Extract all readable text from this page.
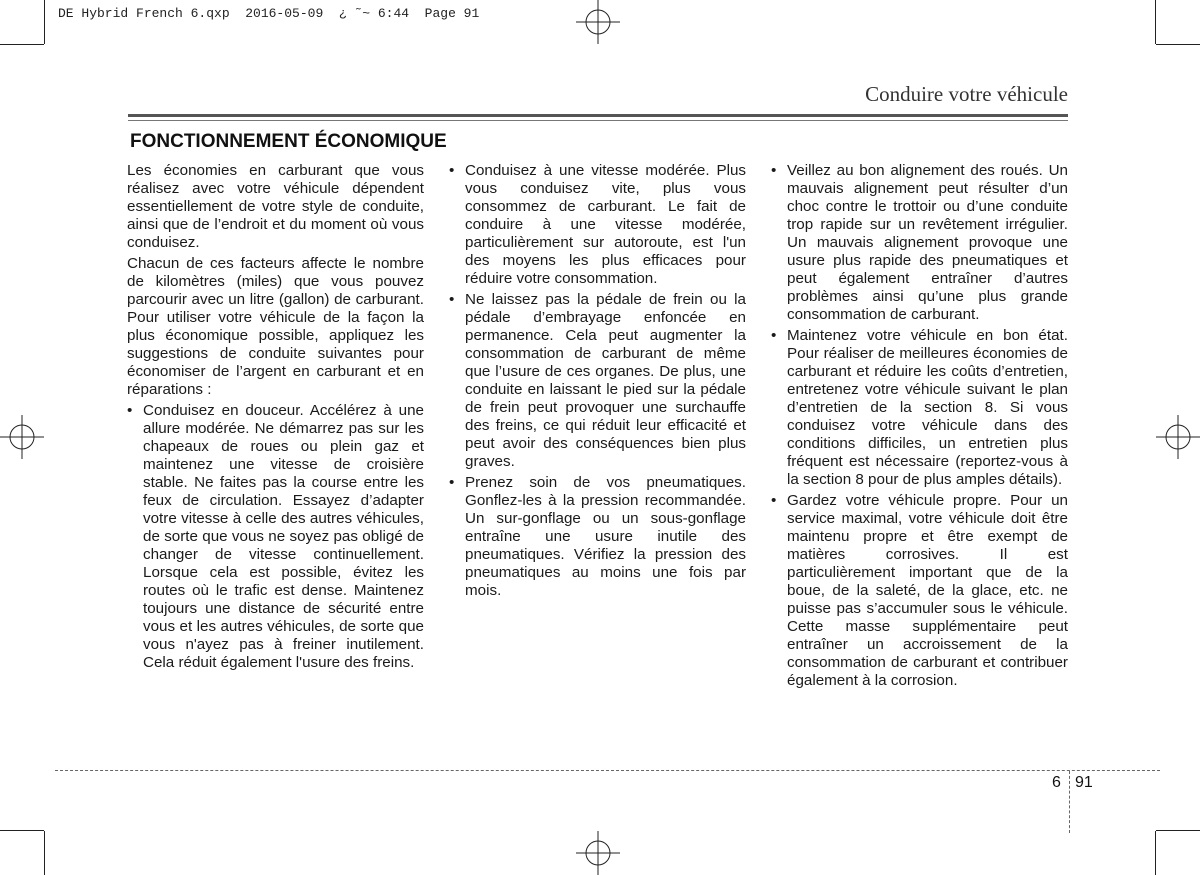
DE Hybrid French 6.qxp  2016-05-09  ¿ ˜~ 6:44  Page 91
Conduire votre véhicule
FONCTIONNEMENT ÉCONOMIQUE

Les économies en carburant que vous réalisez avec votre véhicule dépendent essentiellement de votre style de conduite, ainsi que de l’endroit et du moment où vous conduisez.

Chacun de ces facteurs affecte le nombre de kilomètres (miles) que vous pouvez parcourir avec un litre (gallon) de carburant. Pour utiliser votre véhicule de la façon la plus économique possible, appliquez les suggestions de conduite suivantes pour économiser de l’argent en carburant et en réparations :

• Conduisez en douceur. Accélérez à une allure modérée. Ne démarrez pas sur les chapeaux de roues ou plein gaz et maintenez une vitesse de croisière stable. Ne faites pas la course entre les feux de circulation. Essayez d’adapter votre vitesse à celle des autres véhicules, de sorte que vous ne soyez pas obligé de changer de vitesse continuellement. Lorsque cela est possible, évitez les routes où le trafic est dense. Maintenez toujours une distance de sécurité entre vous et les autres véhicules, de sorte que vous n'ayez pas à freiner inutilement. Cela réduit également l'usure des freins.
• Conduisez à une vitesse modérée. Plus vous conduisez vite, plus vous consommez de carburant. Le fait de conduire à une vitesse modérée, particulièrement sur autoroute, est l'un des moyens les plus efficaces pour réduire votre consommation.
• Ne laissez pas la pédale de frein ou la pédale d’embrayage enfoncée en permanence. Cela peut augmenter la consommation de carburant de même que l’usure de ces organes. De plus, une conduite en laissant le pied sur la pédale de frein peut provoquer une surchauffe des freins, ce qui réduit leur efficacité et peut avoir des conséquences bien plus graves.
• Prenez soin de vos pneumatiques. Gonflez-les à la pression recommandée. Un sur-gonflage ou un sous-gonflage entraîne une usure inutile des pneumatiques. Vérifiez la pression des pneumatiques au moins une fois par mois.
• Veillez au bon alignement des roués. Un mauvais alignement peut résulter d’un choc contre le trottoir ou d’une conduite trop rapide sur un revêtement irrégulier. Un mauvais alignement provoque une usure plus rapide des pneumatiques et peut également entraîner d’autres problèmes ainsi qu’une plus grande consommation de carburant.
• Maintenez votre véhicule en bon état. Pour réaliser de meilleures économies de carburant et réduire les coûts d’entretien, entretenez votre véhicule suivant le plan d’entretien de la section 8. Si vous conduisez votre véhicule dans des conditions difficiles, un entretien plus fréquent est nécessaire (reportez-vous à la section 8 pour de plus amples détails).
• Gardez votre véhicule propre. Pour un service maximal, votre véhicule doit être maintenu propre et être exempt de matières corrosives. Il est particulièrement important que de la boue, de la saleté, de la glace, etc. ne puisse pas s’accumuler sous le véhicule. Cette masse supplémentaire peut entraîner un accroissement de la consommation de carburant et contribuer également à la corrosion.
6 91
